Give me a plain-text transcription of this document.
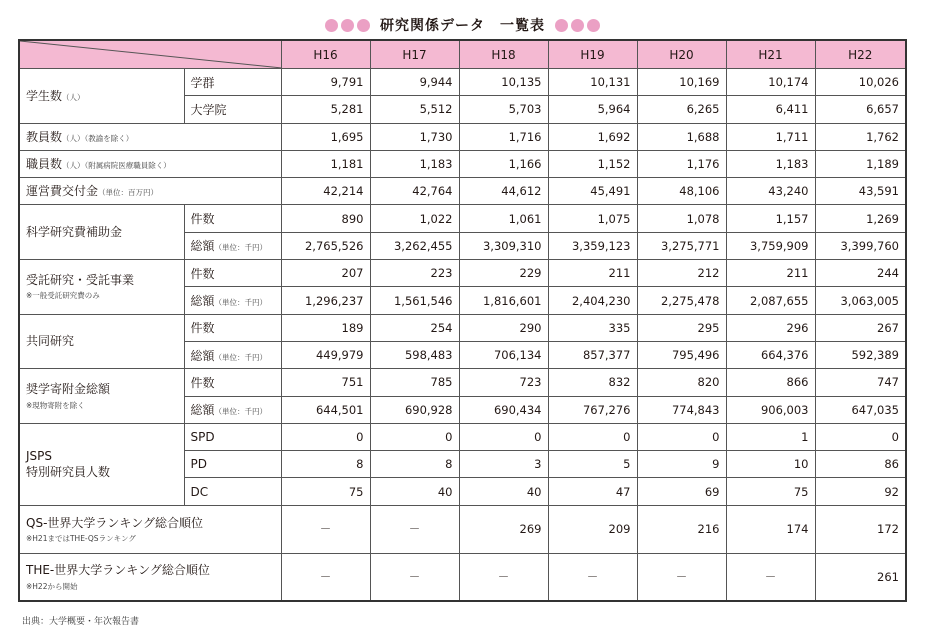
研究関係データ　一覧表
	H16	H17	H18	H19	H20	H21	H22
学生数（人）	学群	9,791	9,944	10,135	10,131	10,169	10,174	10,026
	大学院	5,281	5,512	5,703	5,964	6,265	6,411	6,657
教員数（人）（教諭を除く）		1,695	1,730	1,716	1,692	1,688	1,711	1,762
職員数（人）（附属病院医療職員除く）		1,181	1,183	1,166	1,152	1,176	1,183	1,189
運営費交付金（単位：百万円）		42,214	42,764	44,612	45,491	48,106	43,240	43,591
科学研究費補助金	件数	890	1,022	1,061	1,075	1,078	1,157	1,269
	総額（単位：千円）	2,765,526	3,262,455	3,309,310	3,359,123	3,275,771	3,759,909	3,399,760
受託研究・受託事業
※一般受託研究費のみ	件数	207	223	229	211	212	211	244
	総額（単位：千円）	1,296,237	1,561,546	1,816,601	2,404,230	2,275,478	2,087,655	3,063,005
共同研究	件数	189	254	290	335	295	296	267
	総額（単位：千円）	449,979	598,483	706,134	857,377	795,496	664,376	592,389
奨学寄附金総額
※現物寄附を除く	件数	751	785	723	832	820	866	747
	総額（単位：千円）	644,501	690,928	690,434	767,276	774,843	906,003	647,035
JSPS
特別研究員人数	SPD	0	0	0	0	0	1	0
	PD	8	8	3	5	9	10	86
	DC	75	40	40	47	69	75	92
QS-世界大学ランキング総合順位
※H21まではTHE-QSランキング		－	－	269	209	216	174	172
THE-世界大学ランキング総合順位
※H22から開始		－	－	－	－	－	－	261
出典：大学概要・年次報告書
